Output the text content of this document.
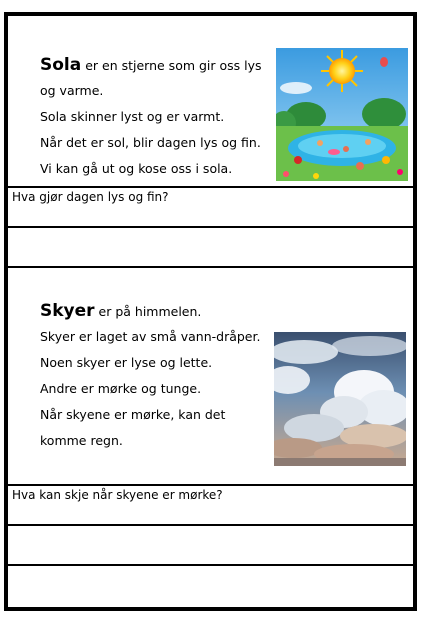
Sola er en stjerne som gir oss lys
og varme.
Sola skinner lyst og er varmt.
Når det er sol, blir dagen lys og fin.
Vi kan gå ut og kose oss i sola.
Hva gjør dagen lys og fin?
Skyer er på himmelen.
Skyer er laget av små vann-dråper.
Noen skyer er lyse og lette.
Andre er mørke og tunge.
Når skyene er mørke, kan det
komme regn.
Hva kan skje når skyene er mørke?
